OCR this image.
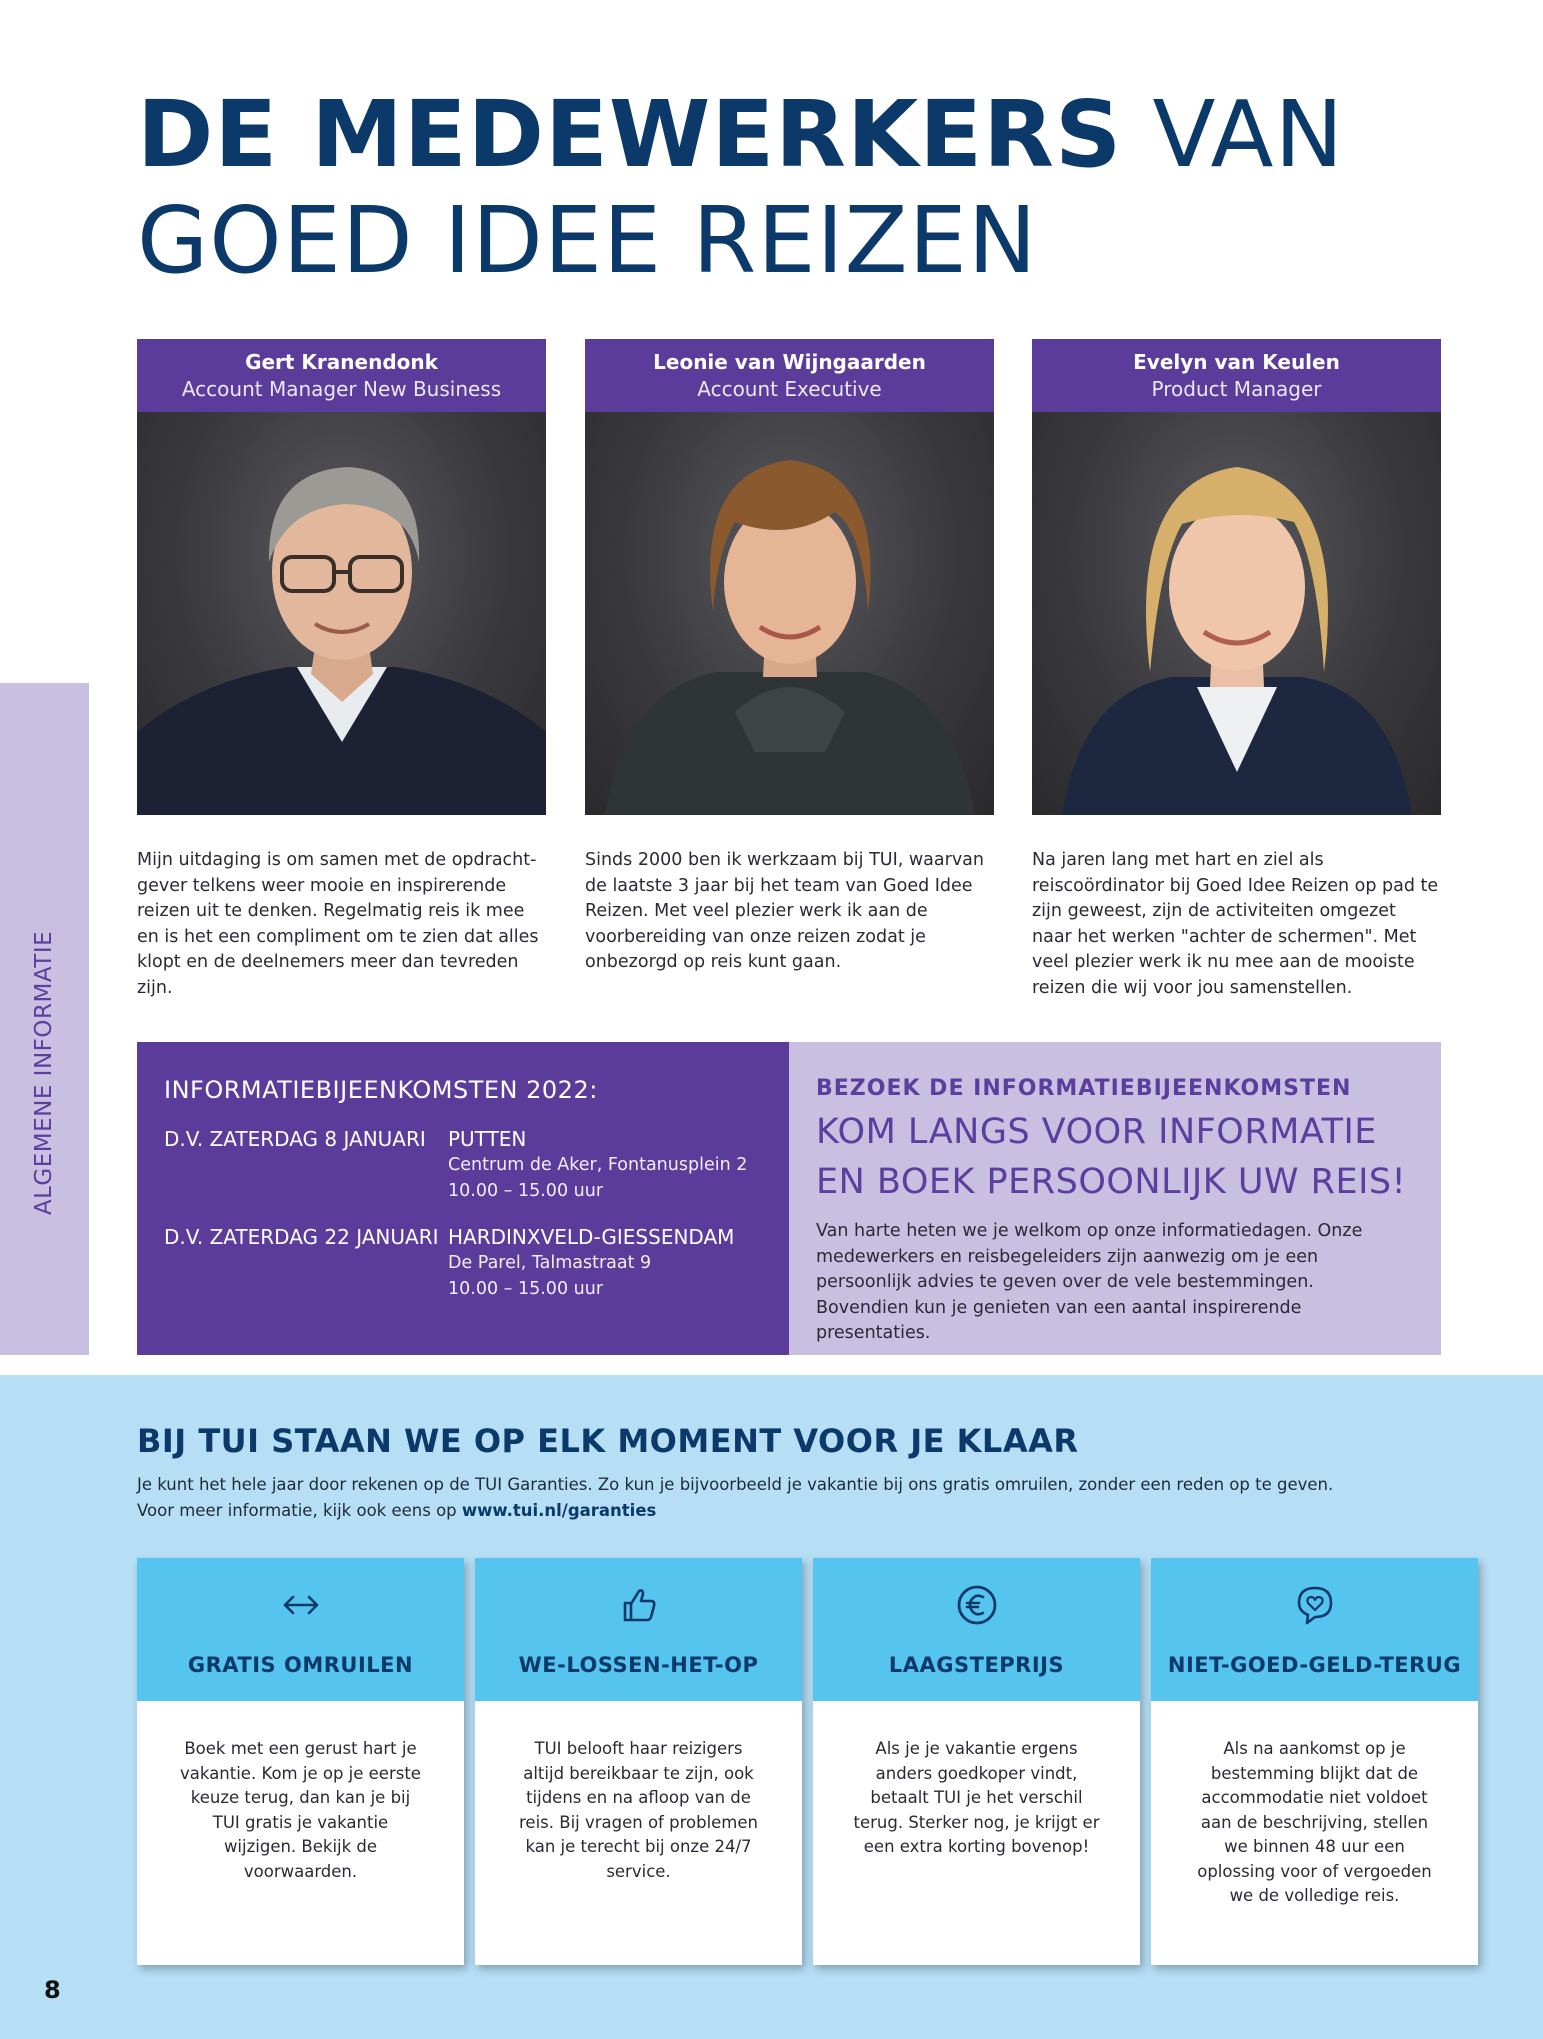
DE MEDEWERKERS VAN
GOED IDEE REIZEN
ALGEMENE INFORMATIE
Gert Kranendonk
Account Manager New Business

Mijn uitdaging is om samen met de opdracht-gever telkens weer mooie en inspirerende reizen uit te denken. Regelmatig reis ik mee en is het een compliment om te zien dat alles klopt en de deelnemers meer dan tevreden zijn.

Leonie van Wijngaarden
Account Executive

Sinds 2000 ben ik werkzaam bij TUI, waarvan de laatste 3 jaar bij het team van Goed Idee Reizen. Met veel plezier werk ik aan de voorbereiding van onze reizen zodat je onbezorgd op reis kunt gaan.

Evelyn van Keulen
Product Manager

Na jaren lang met hart en ziel als reiscoördinator bij Goed Idee Reizen op pad te zijn geweest, zijn de activiteiten omgezet naar het werken "achter de schermen". Met veel plezier werk ik nu mee aan de mooiste reizen die wij voor jou samenstellen.

INFORMATIEBIJEENKOMSTEN 2022:
D.V. ZATERDAG 8 JANUARI	PUTTEN
Centrum de Aker, Fontanusplein 2
10.00 – 15.00 uur
D.V. ZATERDAG 22 JANUARI HARDINXVELD-GIESSENDAM
De Parel, Talmastraat 9
10.00 – 15.00 uur
BEZOEK DE INFORMATIEBIJEENKOMSTEN
KOM LANGS VOOR INFORMATIE
EN BOEK PERSOONLIJK UW REIS!

Van harte heten we je welkom op onze informatiedagen. Onze medewerkers en reisbegeleiders zijn aanwezig om je een persoonlijk advies te geven over de vele bestemmingen. Bovendien kun je genieten van een aantal inspirerende presentaties.

BIJ TUI STAAN WE OP ELK MOMENT VOOR JE KLAAR
Je kunt het hele jaar door rekenen op de TUI Garanties. Zo kun je bijvoorbeeld je vakantie bij ons gratis omruilen, zonder een reden op te geven.
Voor meer informatie, kijk ook eens op www.tui.nl/garanties
GRATIS OMRUILEN

Boek met een gerust hart je vakantie. Kom je op je eerste keuze terug, dan kan je bij TUI gratis je vakantie wijzigen. Bekijk de voorwaarden.

WE-LOSSEN-HET-OP

TUI belooft haar reizigers altijd bereikbaar te zijn, ook tijdens en na afloop van de reis. Bij vragen of problemen kan je terecht bij onze 24/7 service.

LAAGSTEPRIJS

Als je je vakantie ergens anders goedkoper vindt, betaalt TUI je het verschil terug. Sterker nog, je krijgt er een extra korting bovenop!

NIET-GOED-GELD-TERUG

Als na aankomst op je bestemming blijkt dat de accommodatie niet voldoet aan de beschrijving, stellen we binnen 48 uur een oplossing voor of vergoeden we de volledige reis.

8
